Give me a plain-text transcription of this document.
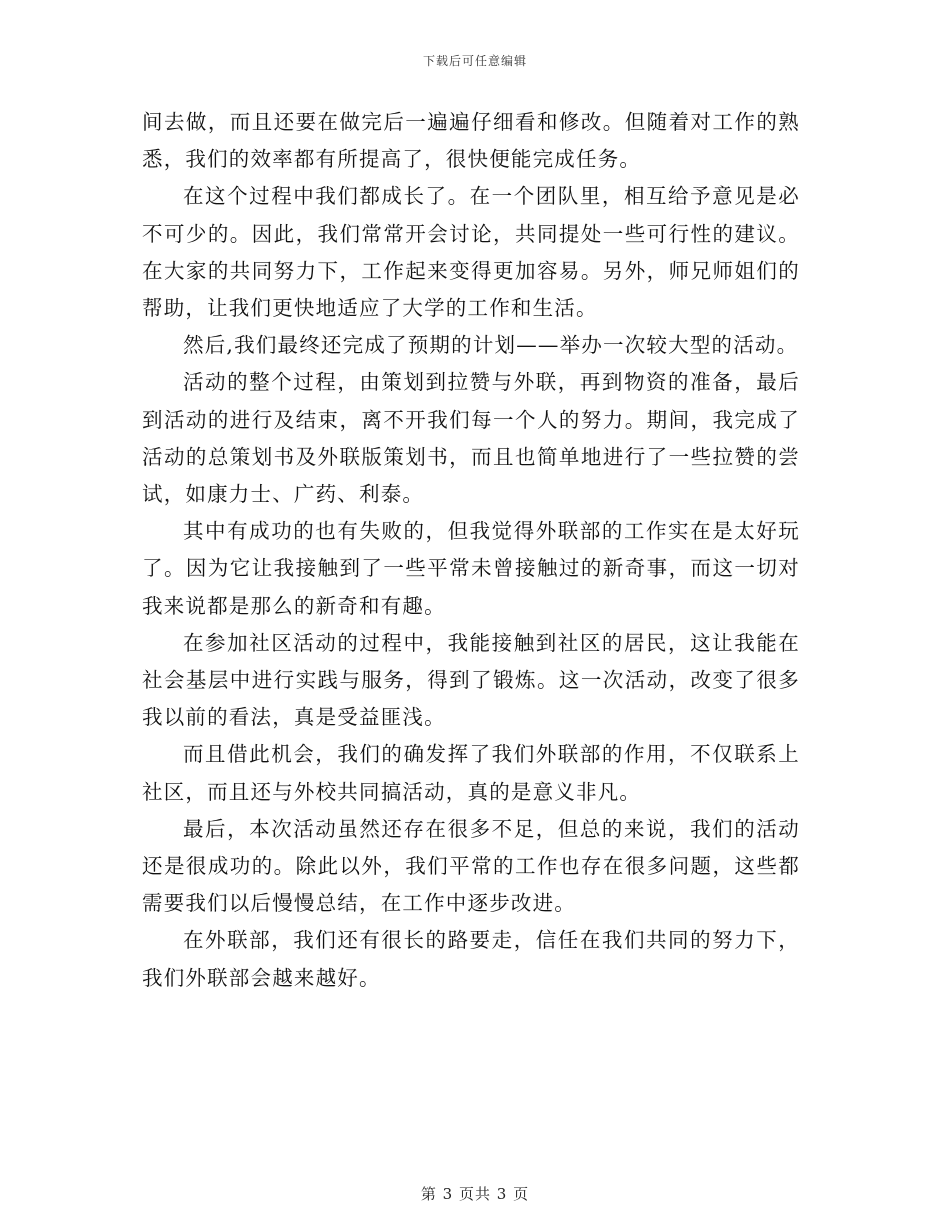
下载后可任意编辑

间去做，而且还要在做完后一遍遍仔细看和修改。但随着对工作的熟悉，我们的效率都有所提高了，很快便能完成任务。

在这个过程中我们都成长了。在一个团队里，相互给予意见是必不可少的。因此，我们常常开会讨论，共同提处一些可行性的建议。在大家的共同努力下，工作起来变得更加容易。另外，师兄师姐们的帮助，让我们更快地适应了大学的工作和生活。

然后,我们最终还完成了预期的计划——举办一次较大型的活动。

活动的整个过程，由策划到拉赞与外联，再到物资的准备，最后到活动的进行及结束，离不开我们每一个人的努力。期间，我完成了活动的总策划书及外联版策划书，而且也简单地进行了一些拉赞的尝试，如康力士、广药、利泰。

其中有成功的也有失败的，但我觉得外联部的工作实在是太好玩了。因为它让我接触到了一些平常未曾接触过的新奇事，而这一切对我来说都是那么的新奇和有趣。

在参加社区活动的过程中，我能接触到社区的居民，这让我能在社会基层中进行实践与服务，得到了锻炼。这一次活动，改变了很多我以前的看法，真是受益匪浅。

而且借此机会，我们的确发挥了我们外联部的作用，不仅联系上社区，而且还与外校共同搞活动，真的是意义非凡。

最后，本次活动虽然还存在很多不足，但总的来说，我们的活动还是很成功的。除此以外，我们平常的工作也存在很多问题，这些都需要我们以后慢慢总结，在工作中逐步改进。

在外联部，我们还有很长的路要走，信任在我们共同的努力下，我们外联部会越来越好。

第 3 页共 3 页
